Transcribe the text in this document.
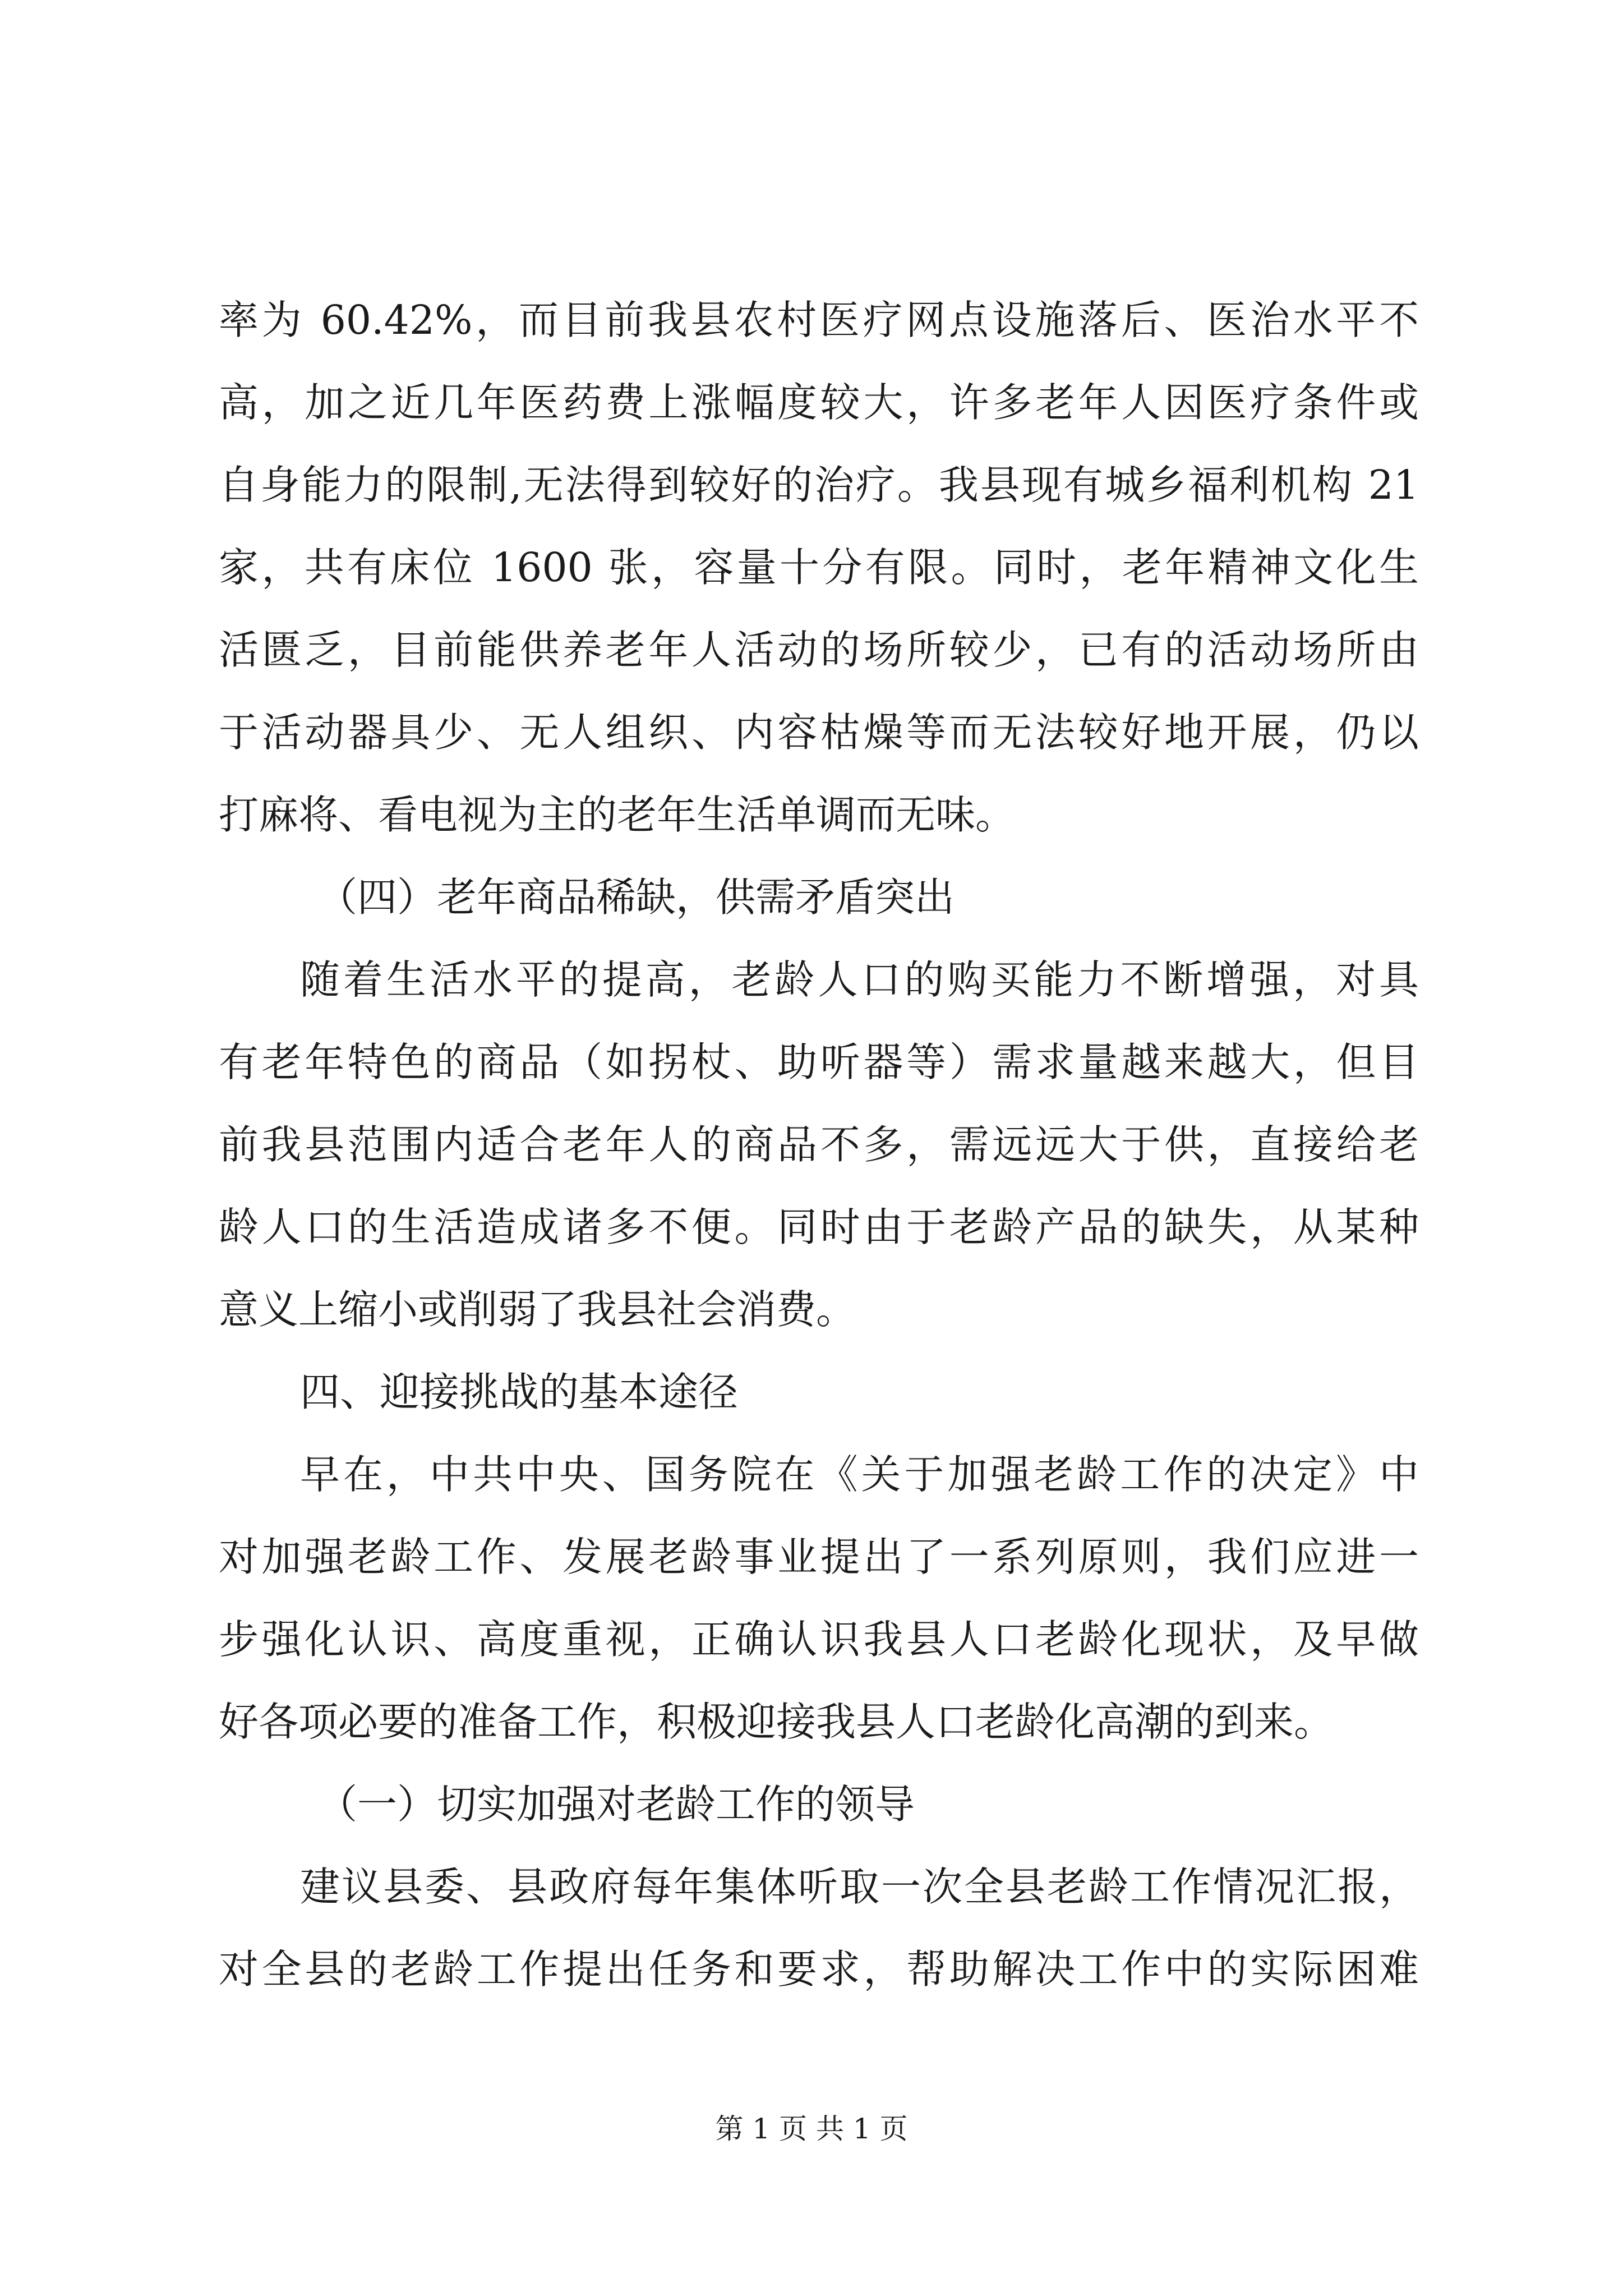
率为 60.42%，而目前我县农村医疗网点设施落后、医治水平不
高，加之近几年医药费上涨幅度较大，许多老年人因医疗条件或
自身能力的限制,无法得到较好的治疗。我县现有城乡福利机构 21
家，共有床位 1600 张，容量十分有限。同时，老年精神文化生
活匮乏，目前能供养老年人活动的场所较少，已有的活动场所由
于活动器具少、无人组织、内容枯燥等而无法较好地开展，仍以
打麻将、看电视为主的老年生活单调而无味。
（四）老年商品稀缺，供需矛盾突出
随着生活水平的提高，老龄人口的购买能力不断增强，对具
有老年特色的商品（如拐杖、助听器等）需求量越来越大，但目
前我县范围内适合老年人的商品不多，需远远大于供，直接给老
龄人口的生活造成诸多不便。同时由于老龄产品的缺失，从某种
意义上缩小或削弱了我县社会消费。
四、迎接挑战的基本途径
早在，中共中央、国务院在《关于加强老龄工作的决定》中
对加强老龄工作、发展老龄事业提出了一系列原则，我们应进一
步强化认识、高度重视，正确认识我县人口老龄化现状，及早做
好各项必要的准备工作，积极迎接我县人口老龄化高潮的到来。
（一）切实加强对老龄工作的领导
建议县委、县政府每年集体听取一次全县老龄工作情况汇报，
对全县的老龄工作提出任务和要求，帮助解决工作中的实际困难
第 1 页 共 1 页
